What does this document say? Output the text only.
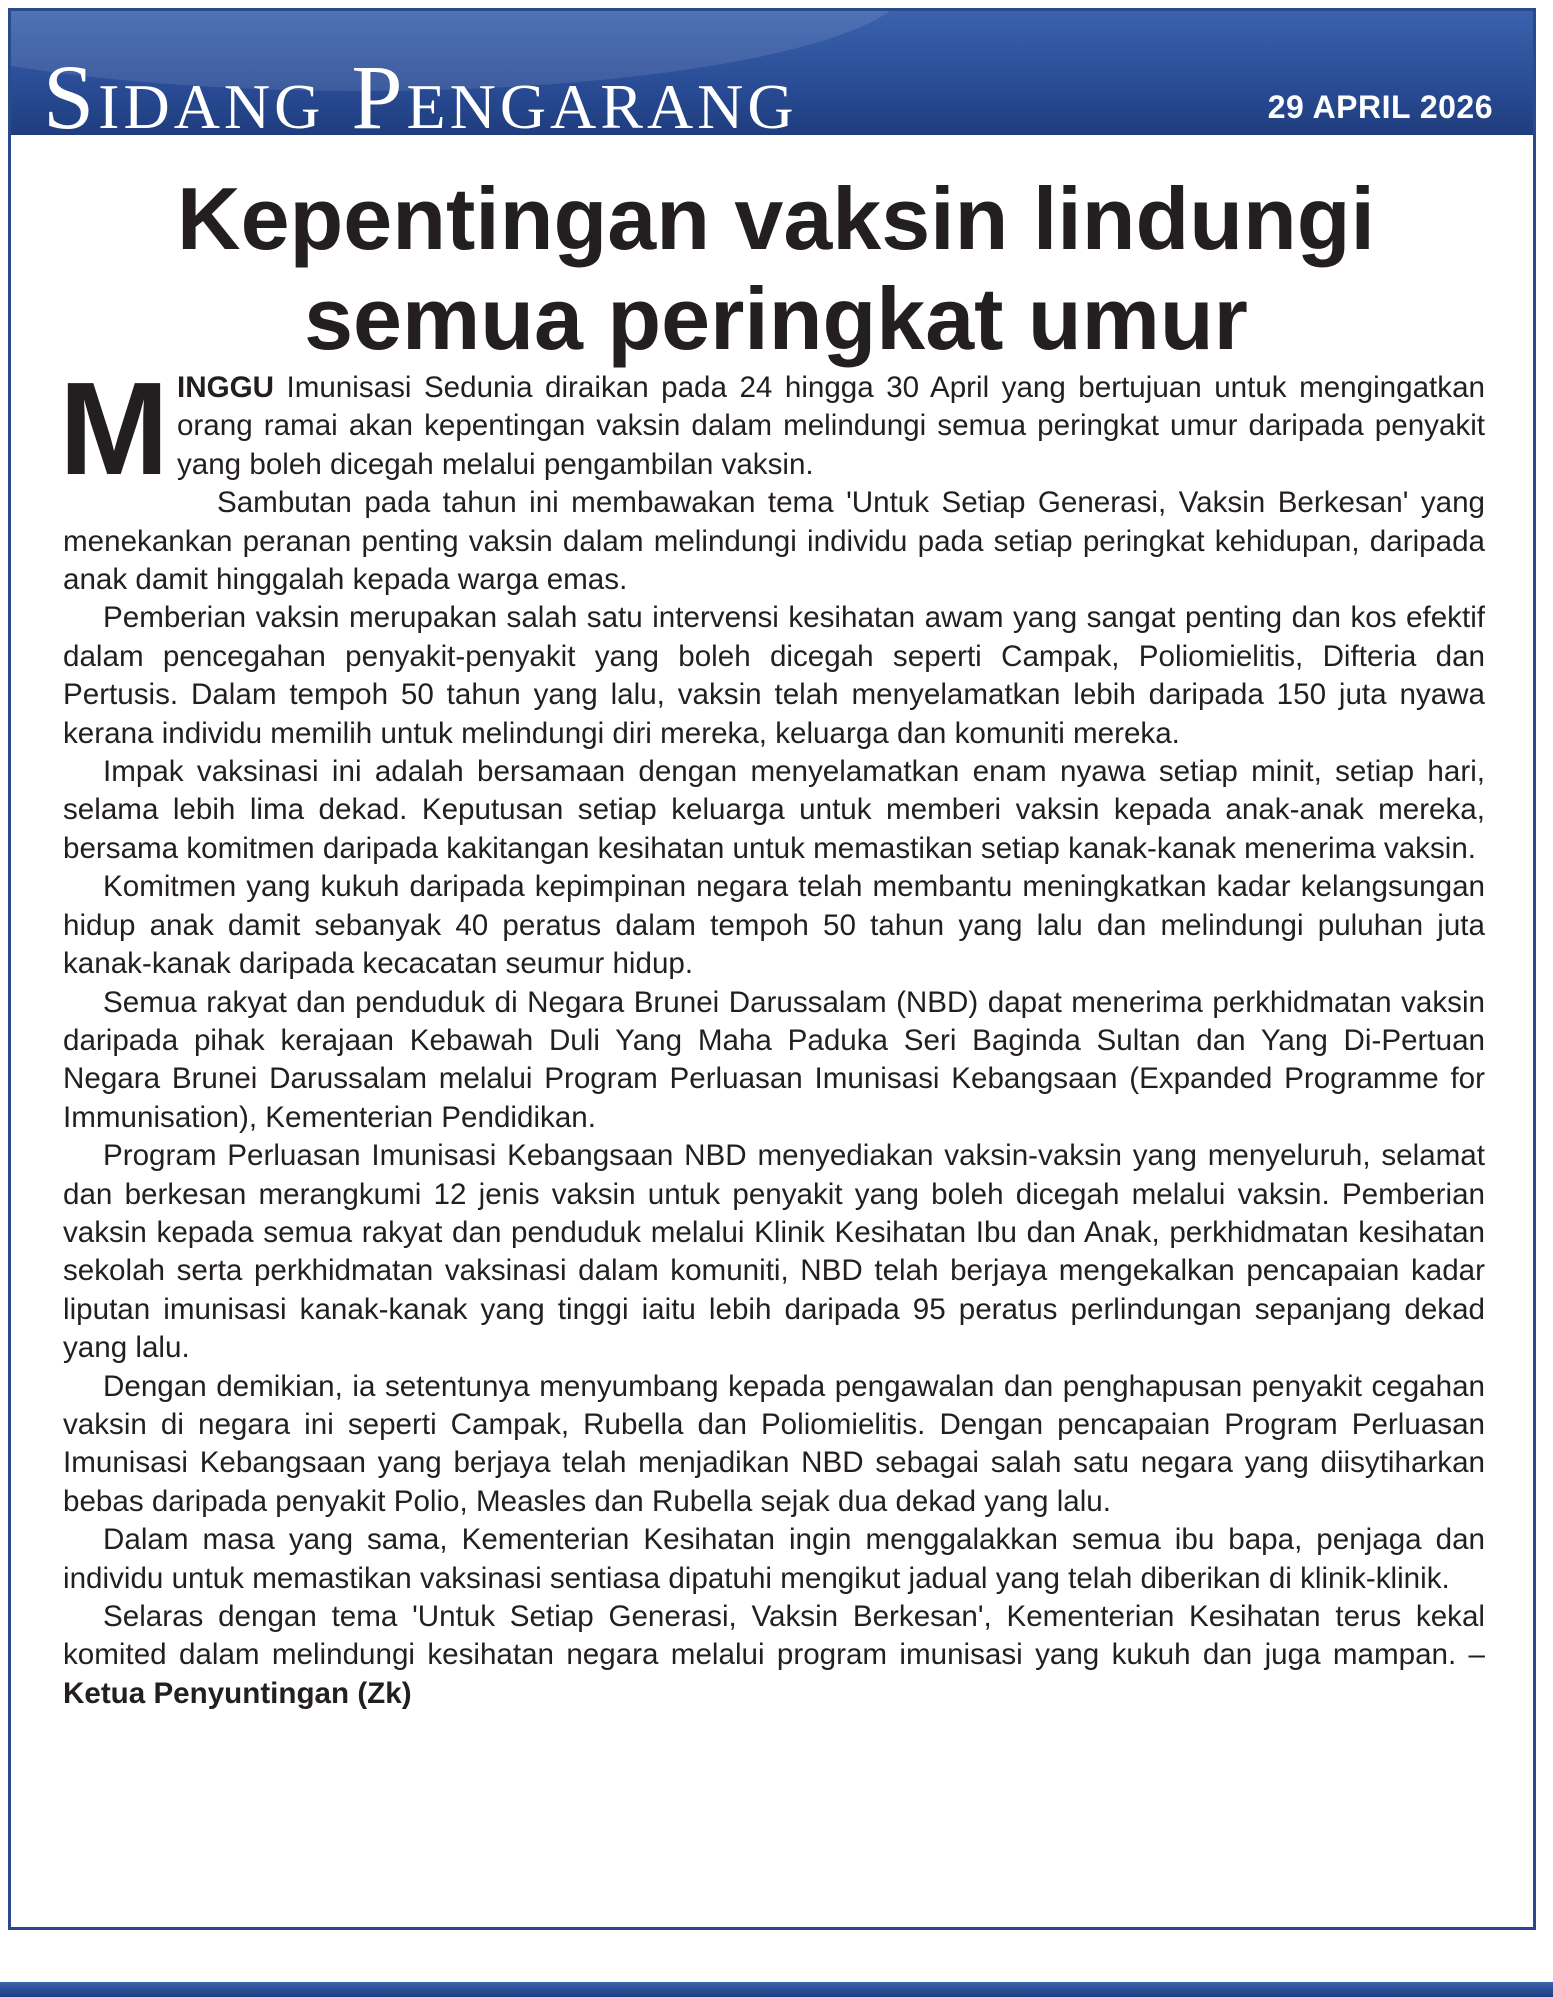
Sidang Pengarang	29 APRIL 2026
Kepentingan vaksin lindungi
semua peringkat umur

MINGGU Imunisasi Sedunia diraikan pada 24 hingga 30 April yang bertujuan untuk mengingatkan orang ramai akan kepentingan vaksin dalam melindungi semua peringkat umur daripada penyakit yang boleh dicegah melalui pengambilan vaksin.

Sambutan pada tahun ini membawakan tema 'Untuk Setiap Generasi, Vaksin Berkesan' yang menekankan peranan penting vaksin dalam melindungi individu pada setiap peringkat kehidupan, daripada anak damit hinggalah kepada warga emas.

Pemberian vaksin merupakan salah satu intervensi kesihatan awam yang sangat penting dan kos efektif dalam pencegahan penyakit-penyakit yang boleh dicegah seperti Campak, Poliomielitis, Difteria dan Pertusis. Dalam tempoh 50 tahun yang lalu, vaksin telah menyelamatkan lebih daripada 150 juta nyawa kerana individu memilih untuk melindungi diri mereka, keluarga dan komuniti mereka.

Impak vaksinasi ini adalah bersamaan dengan menyelamatkan enam nyawa setiap minit, setiap hari, selama lebih lima dekad. Keputusan setiap keluarga untuk memberi vaksin kepada anak-anak mereka, bersama komitmen daripada kakitangan kesihatan untuk memastikan setiap kanak-kanak menerima vaksin.

Komitmen yang kukuh daripada kepimpinan negara telah membantu meningkatkan kadar kelangsungan hidup anak damit sebanyak 40 peratus dalam tempoh 50 tahun yang lalu dan melindungi puluhan juta kanak-kanak daripada kecacatan seumur hidup.

Semua rakyat dan penduduk di Negara Brunei Darussalam (NBD) dapat menerima perkhidmatan vaksin daripada pihak kerajaan Kebawah Duli Yang Maha Paduka Seri Baginda Sultan dan Yang Di-Pertuan Negara Brunei Darussalam melalui Program Perluasan Imunisasi Kebangsaan (Expanded Programme for Immunisation), Kementerian Pendidikan.

Program Perluasan Imunisasi Kebangsaan NBD menyediakan vaksin-vaksin yang menyeluruh, selamat dan berkesan merangkumi 12 jenis vaksin untuk penyakit yang boleh dicegah melalui vaksin. Pemberian vaksin kepada semua rakyat dan penduduk melalui Klinik Kesihatan Ibu dan Anak, perkhidmatan kesihatan sekolah serta perkhidmatan vaksinasi dalam komuniti, NBD telah berjaya mengekalkan pencapaian kadar liputan imunisasi kanak-kanak yang tinggi iaitu lebih daripada 95 peratus perlindungan sepanjang dekad yang lalu.

Dengan demikian, ia setentunya menyumbang kepada pengawalan dan penghapusan penyakit cegahan vaksin di negara ini seperti Campak, Rubella dan Poliomielitis. Dengan pencapaian Program Perluasan Imunisasi Kebangsaan yang berjaya telah menjadikan NBD sebagai salah satu negara yang diisytiharkan bebas daripada penyakit Polio, Measles dan Rubella sejak dua dekad yang lalu.

Dalam masa yang sama, Kementerian Kesihatan ingin menggalakkan semua ibu bapa, penjaga dan individu untuk memastikan vaksinasi sentiasa dipatuhi mengikut jadual yang telah diberikan di klinik-klinik.

Selaras dengan tema 'Untuk Setiap Generasi, Vaksin Berkesan', Kementerian Kesihatan terus kekal komited dalam melindungi kesihatan negara melalui program imunisasi yang kukuh dan juga mampan. – Ketua Penyuntingan (Zk)
